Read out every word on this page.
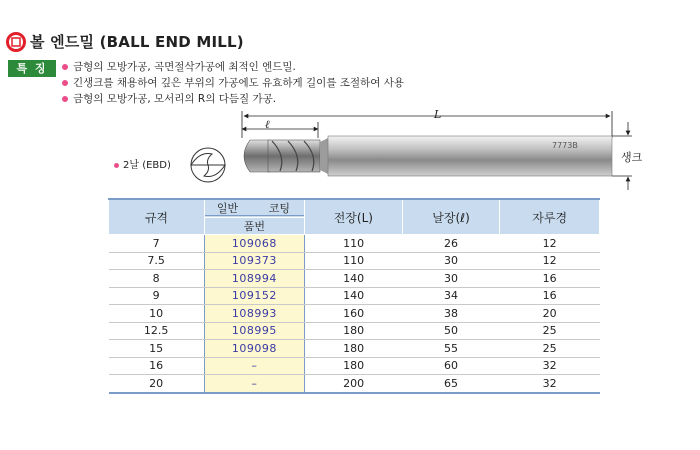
볼 엔드밀 (BALL END MILL)
특 징	금형의 모방가공, 곡면절삭가공에 최적인 엔드밀.
긴생크를 채용하여 깊은 부위의 가공에도 유효하게 길이를 조절하여 사용
금형의 모방가공, 모서리의 R의 다듬질 가공.
7773B
ℓ
L
생크
2날 (EBD)
규격	일반 코팅	전장(L)	날장(ℓ)	자루경
	품번			
7	109068	110	26	12
7.5	109373	110	30	12
8	108994	140	30	16
9	109152	140	34	16
10	108993	160	38	20
12.5	108995	180	50	25
15	109098	180	55	25
16	–	180	60	32
20	–	200	65	32
